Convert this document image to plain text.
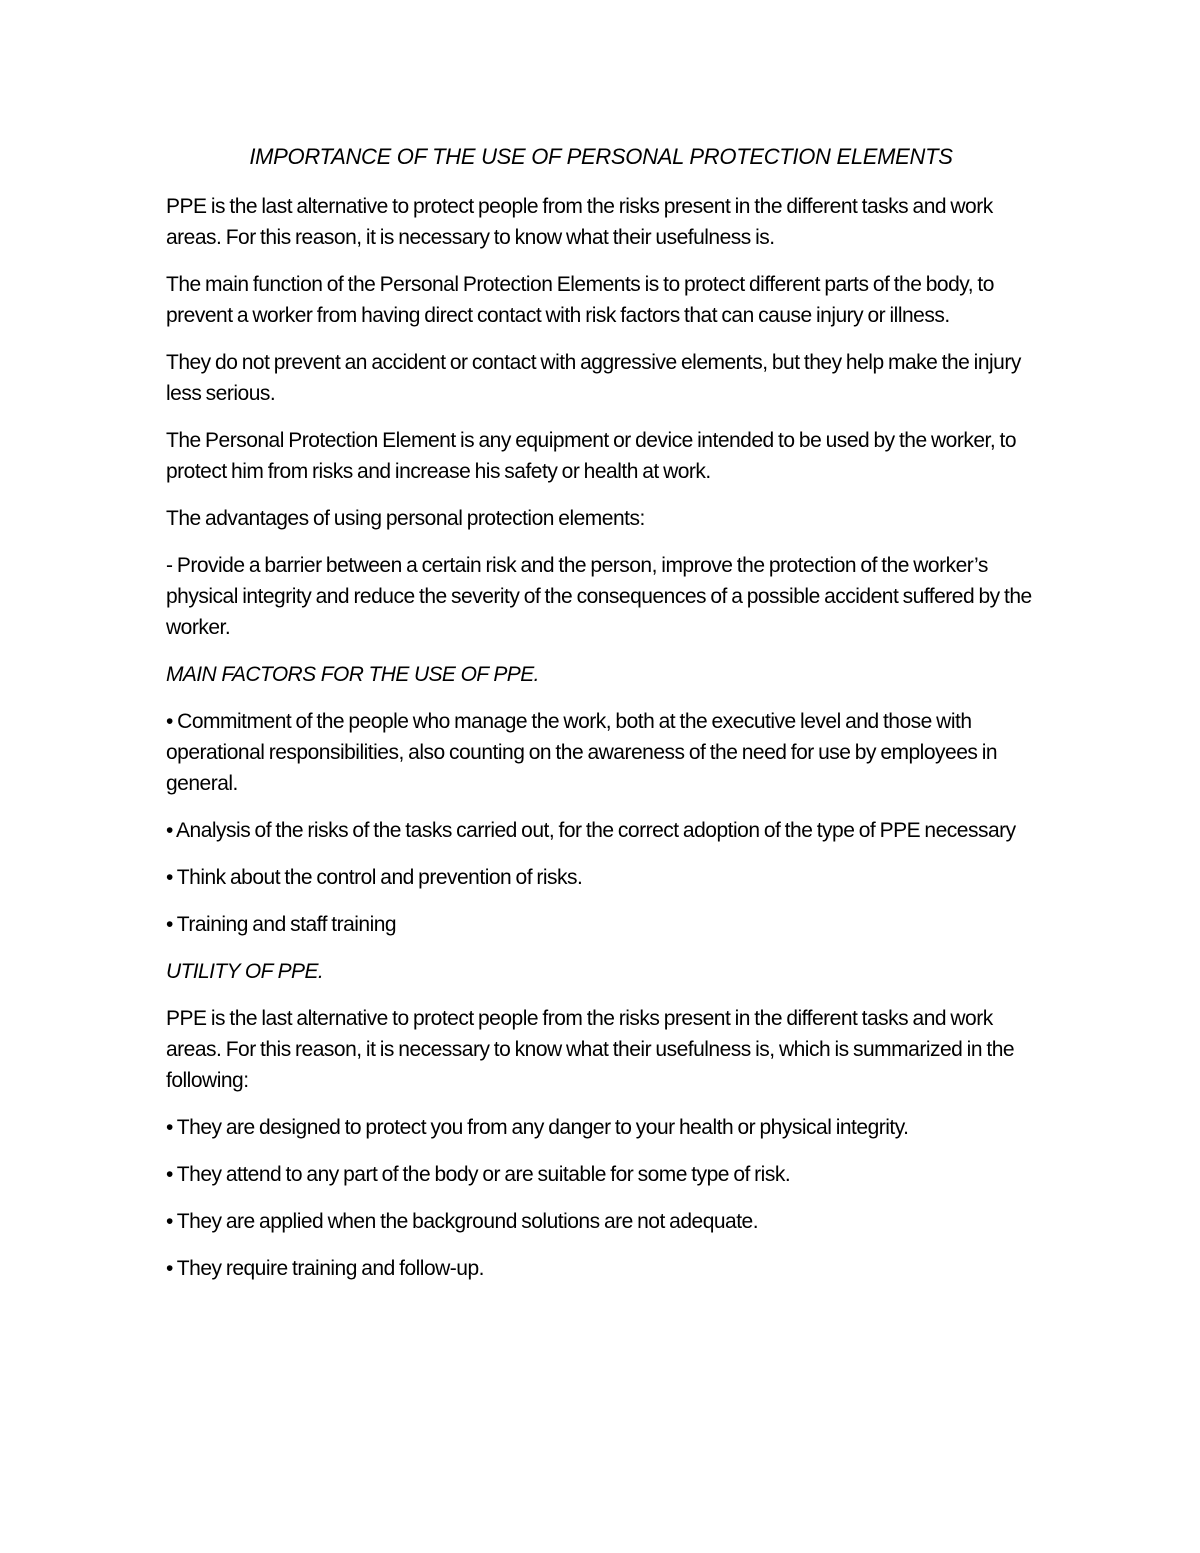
IMPORTANCE OF THE USE OF PERSONAL PROTECTION ELEMENTS

PPE is the last alternative to protect people from the risks present in the different tasks and work areas. For this reason, it is necessary to know what their usefulness is.

The main function of the Personal Protection Elements is to protect different parts of the body, to prevent a worker from having direct contact with risk factors that can cause injury or illness.

They do not prevent an accident or contact with aggressive elements, but they help make the injury less serious.

The Personal Protection Element is any equipment or device intended to be used by the worker, to protect him from risks and increase his safety or health at work.

The advantages of using personal protection elements:

- Provide a barrier between a certain risk and the person, improve the protection of the worker’s physical integrity and reduce the severity of the consequences of a possible accident suffered by the worker.

MAIN FACTORS FOR THE USE OF PPE.

• Commitment of the people who manage the work, both at the executive level and those with operational responsibilities, also counting on the awareness of the need for use by employees in general.

• Analysis of the risks of the tasks carried out, for the correct adoption of the type of PPE necessary

• Think about the control and prevention of risks.

• Training and staff training

UTILITY OF PPE.

PPE is the last alternative to protect people from the risks present in the different tasks and work areas. For this reason, it is necessary to know what their usefulness is, which is summarized in the following:

• They are designed to protect you from any danger to your health or physical integrity.

• They attend to any part of the body or are suitable for some type of risk.

• They are applied when the background solutions are not adequate.

• They require training and follow-up.
